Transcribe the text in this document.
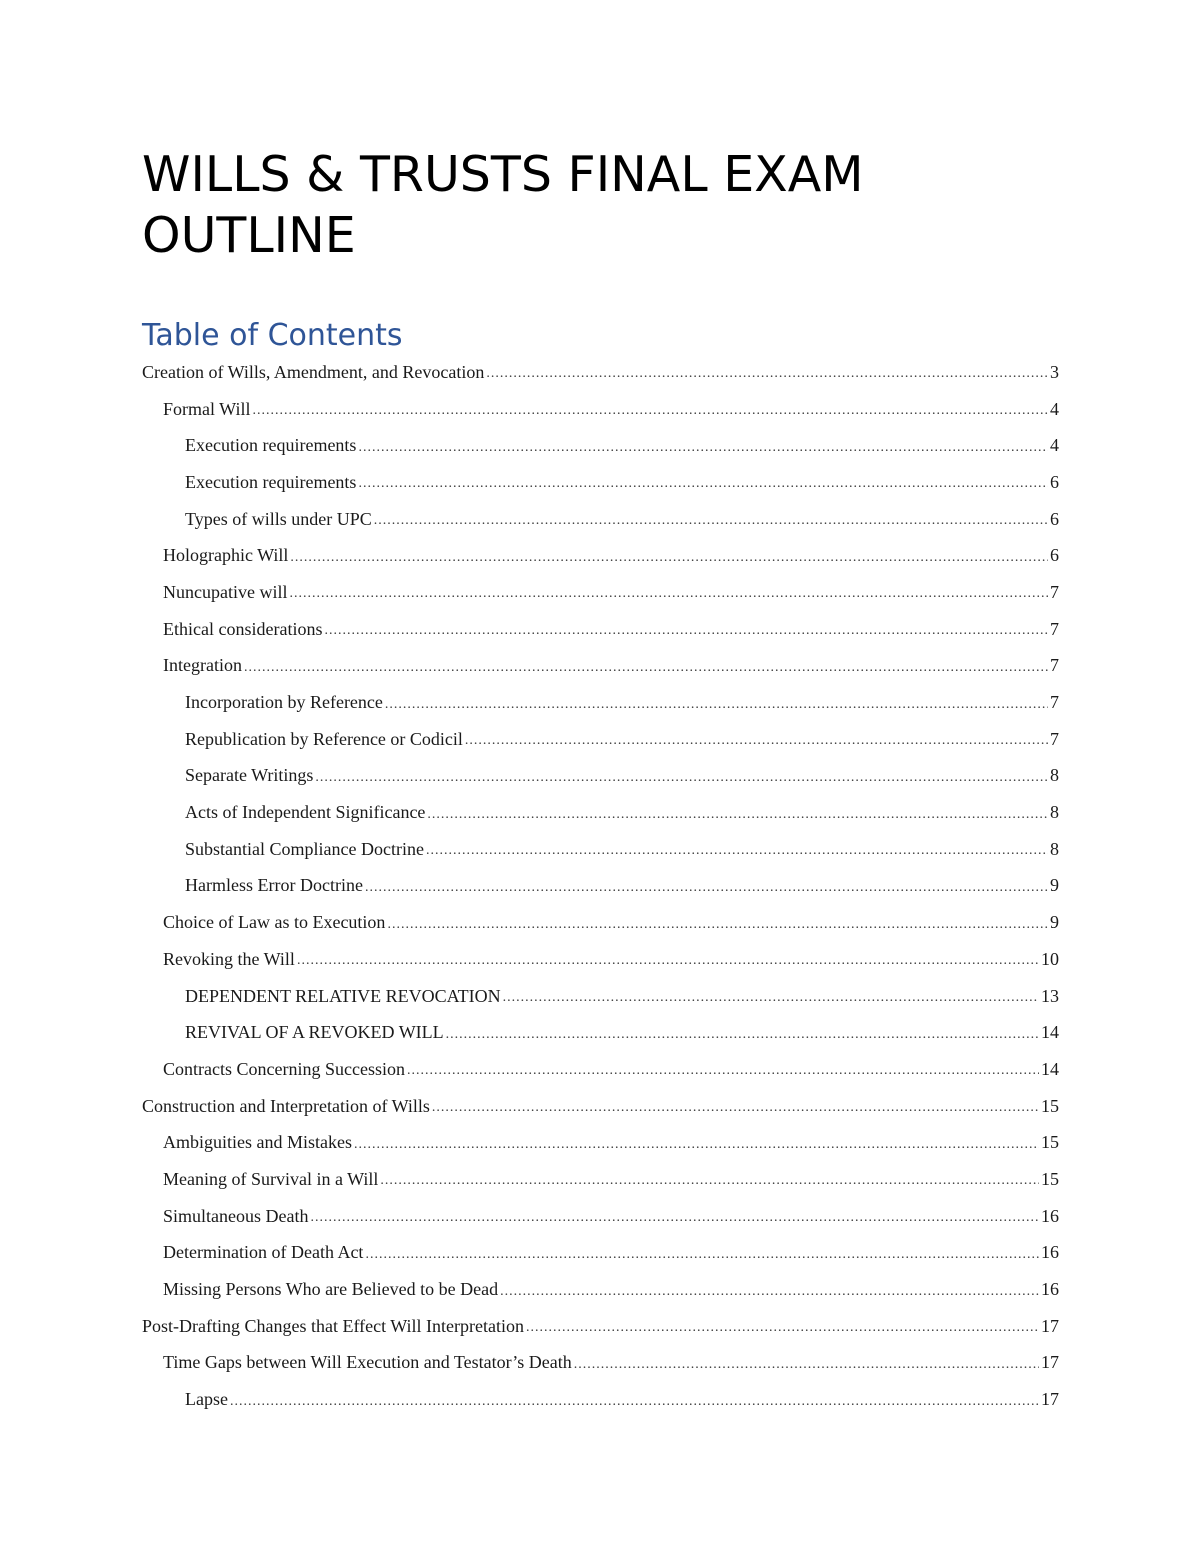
WILLS & TRUSTS FINAL EXAM OUTLINE
Table of Contents
Creation of Wills, Amendment, and Revocation .....	3
Formal Will .....	4
Execution requirements .....	4
Execution requirements .....	6
Types of wills under UPC .....	6
Holographic Will .....	6
Nuncupative will .....	7
Ethical considerations .....	7
Integration .....	7
Incorporation by Reference .....	7
Republication by Reference or Codicil .....	7
Separate Writings .....	8
Acts of Independent Significance .....	8
Substantial Compliance Doctrine .....	8
Harmless Error Doctrine .....	9
Choice of Law as to Execution .....	9
Revoking the Will .....	10
DEPENDENT RELATIVE REVOCATION .....	13
REVIVAL OF A REVOKED WILL .....	14
Contracts Concerning Succession .....	14
Construction and Interpretation of Wills .....	15
Ambiguities and Mistakes .....	15
Meaning of Survival in a Will .....	15
Simultaneous Death .....	16
Determination of Death Act .....	16
Missing Persons Who are Believed to be Dead .....	16
Post-Drafting Changes that Effect Will Interpretation .....	17
Time Gaps between Will Execution and Testator’s Death .....	17
Lapse .....	17
